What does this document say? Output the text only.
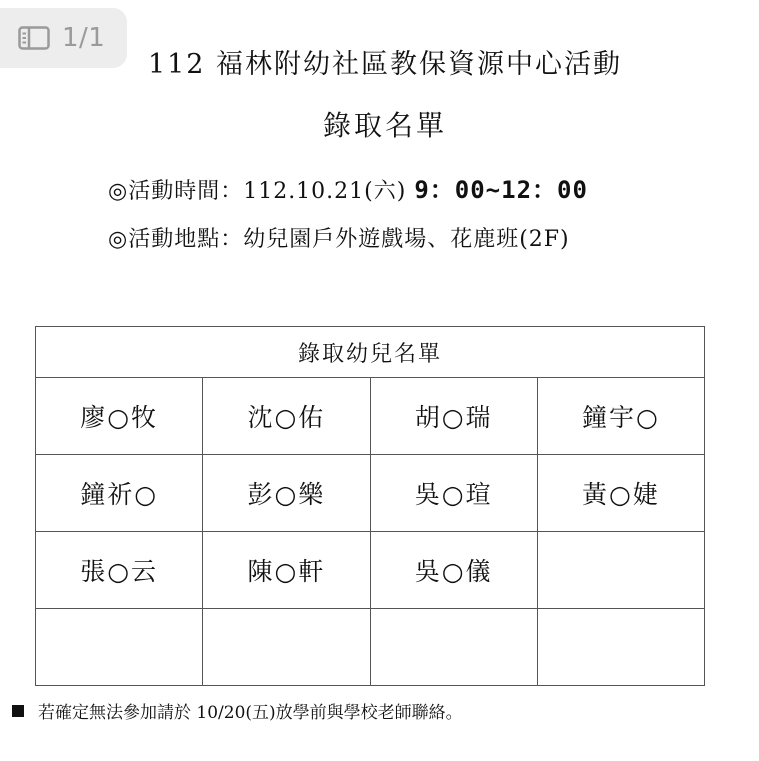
1/1
112 福林附幼社區教保資源中心活動
錄取名單
◎活動時間：112.10.21(六) 9：00~12：00
◎活動地點：幼兒園戶外遊戲場、花鹿班(2F)
錄取幼兒名單			
廖○牧	沈○佑	胡○瑞	鐘宇○
鐘祈○	彭○樂	吳○瑄	黃○婕
張○云	陳○軒	吳○儀	

若確定無法參加請於 10/20(五)放學前與學校老師聯絡。
